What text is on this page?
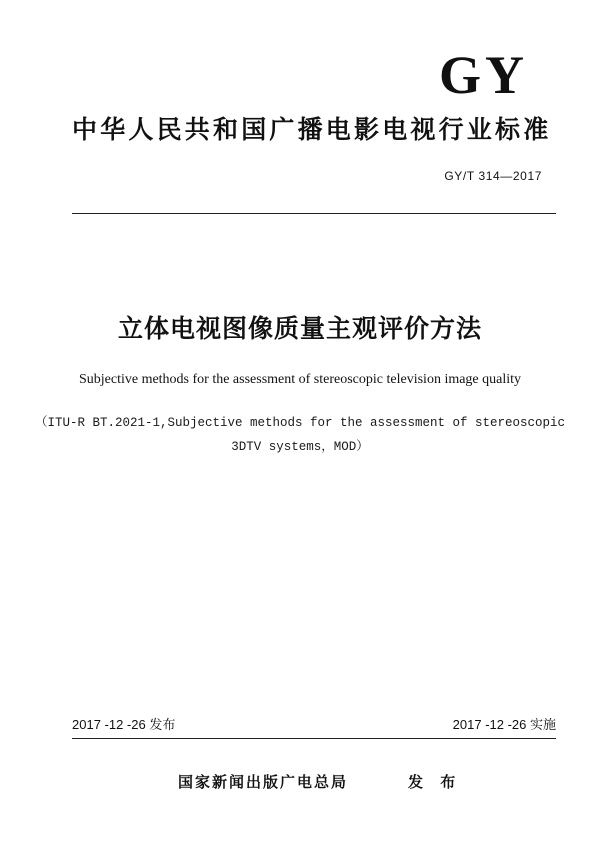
GY
中华人民共和国广播电影电视行业标准
GY/T 314—2017
立体电视图像质量主观评价方法
Subjective methods for the assessment of stereoscopic television image quality
（ITU-R BT.2021-1,Subjective methods for the assessment of stereoscopic
3DTV systems，MOD）
2017 -12 -26 发布	2017 -12 -26 实施
国家新闻出版广电总局	发 布
